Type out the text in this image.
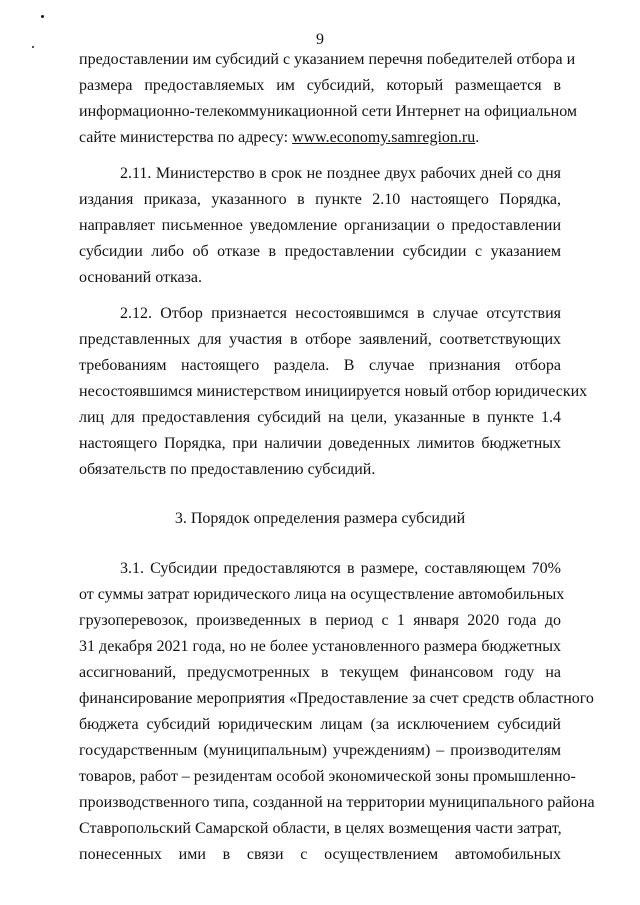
9
предоставлении им субсидий с указанием перечня победителей отбора и
размера предоставляемых им субсидий, который размещается в
информационно-телекоммуникационной сети Интернет на официальном
сайте министерства по адресу: www.economy.samregion.ru.
2.11. Министерство в срок не позднее двух рабочих дней со дня
издания приказа, указанного в пункте 2.10 настоящего Порядка,
направляет письменное уведомление организации о предоставлении
субсидии либо об отказе в предоставлении субсидии с указанием
оснований отказа.
2.12. Отбор признается несостоявшимся в случае отсутствия
представленных для участия в отборе заявлений, соответствующих
требованиям настоящего раздела. В случае признания отбора
несостоявшимся министерством инициируется новый отбор юридических
лиц для предоставления субсидий на цели, указанные в пункте 1.4
настоящего Порядка, при наличии доведенных лимитов бюджетных
обязательств по предоставлению субсидий.
3. Порядок определения размера субсидий
3.1. Субсидии предоставляются в размере, составляющем 70%
от суммы затрат юридического лица на осуществление автомобильных
грузоперевозок, произведенных в период с 1 января 2020 года до
31 декабря 2021 года, но не более установленного размера бюджетных
ассигнований, предусмотренных в текущем финансовом году на
финансирование мероприятия «Предоставление за счет средств областного
бюджета субсидий юридическим лицам (за исключением субсидий
государственным (муниципальным) учреждениям) – производителям
товаров, работ – резидентам особой экономической зоны промышленно-
производственного типа, созданной на территории муниципального района
Ставропольский Самарской области, в целях возмещения части затрат,
понесенных ими в связи с осуществлением автомобильных
